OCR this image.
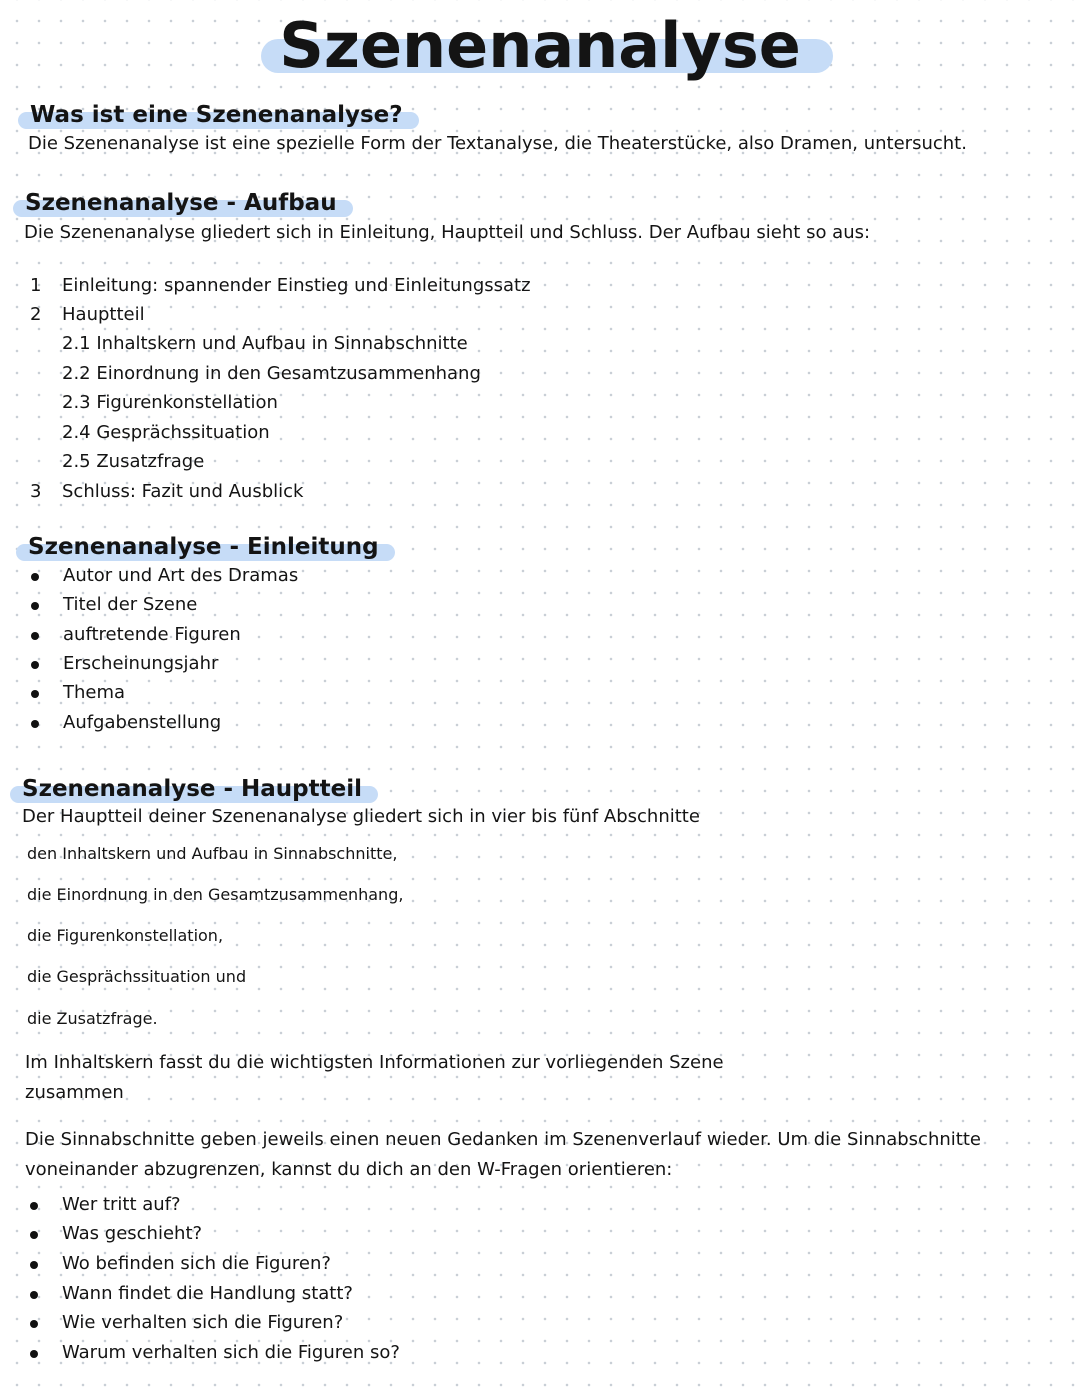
Szenenanalyse
Was ist eine Szenenanalyse?

Die Szenenanalyse ist eine spezielle Form der Textanalyse, die Theaterstücke, also Dramen, untersucht.

Szenenanalyse - Aufbau

Die Szenenanalyse gliedert sich in Einleitung, Hauptteil und Schluss. Der Aufbau sieht so aus:

1	Einleitung: spannender Einstieg und Einleitungssatz
2	Hauptteil
2.1 Inhaltskern und Aufbau in Sinnabschnitte
2.2 Einordnung in den Gesamtzusammenhang
2.3 Figurenkonstellation
2.4 Gesprächssituation
2.5 Zusatzfrage
3	Schluss: Fazit und Ausblick
Szenenanalyse - Einleitung
Autor und Art des Dramas
Titel der Szene
auftretende Figuren
Erscheinungsjahr
Thema
Aufgabenstellung
Szenenanalyse - Hauptteil

Der Hauptteil deiner Szenenanalyse gliedert sich in vier bis fünf Abschnitte

den Inhaltskern und Aufbau in Sinnabschnitte,

die Einordnung in den Gesamtzusammenhang,

die Figurenkonstellation,

die Gesprächssituation und

die Zusatzfrage.

Im Inhaltskern fasst du die wichtigsten Informationen zur vorliegenden Szene

zusammen

Die Sinnabschnitte geben jeweils einen neuen Gedanken im Szenenverlauf wieder. Um die Sinnabschnitte

voneinander abzugrenzen, kannst du dich an den W-Fragen orientieren:

Wer tritt auf?
Was geschieht?
Wo befinden sich die Figuren?
Wann findet die Handlung statt?
Wie verhalten sich die Figuren?
Warum verhalten sich die Figuren so?
